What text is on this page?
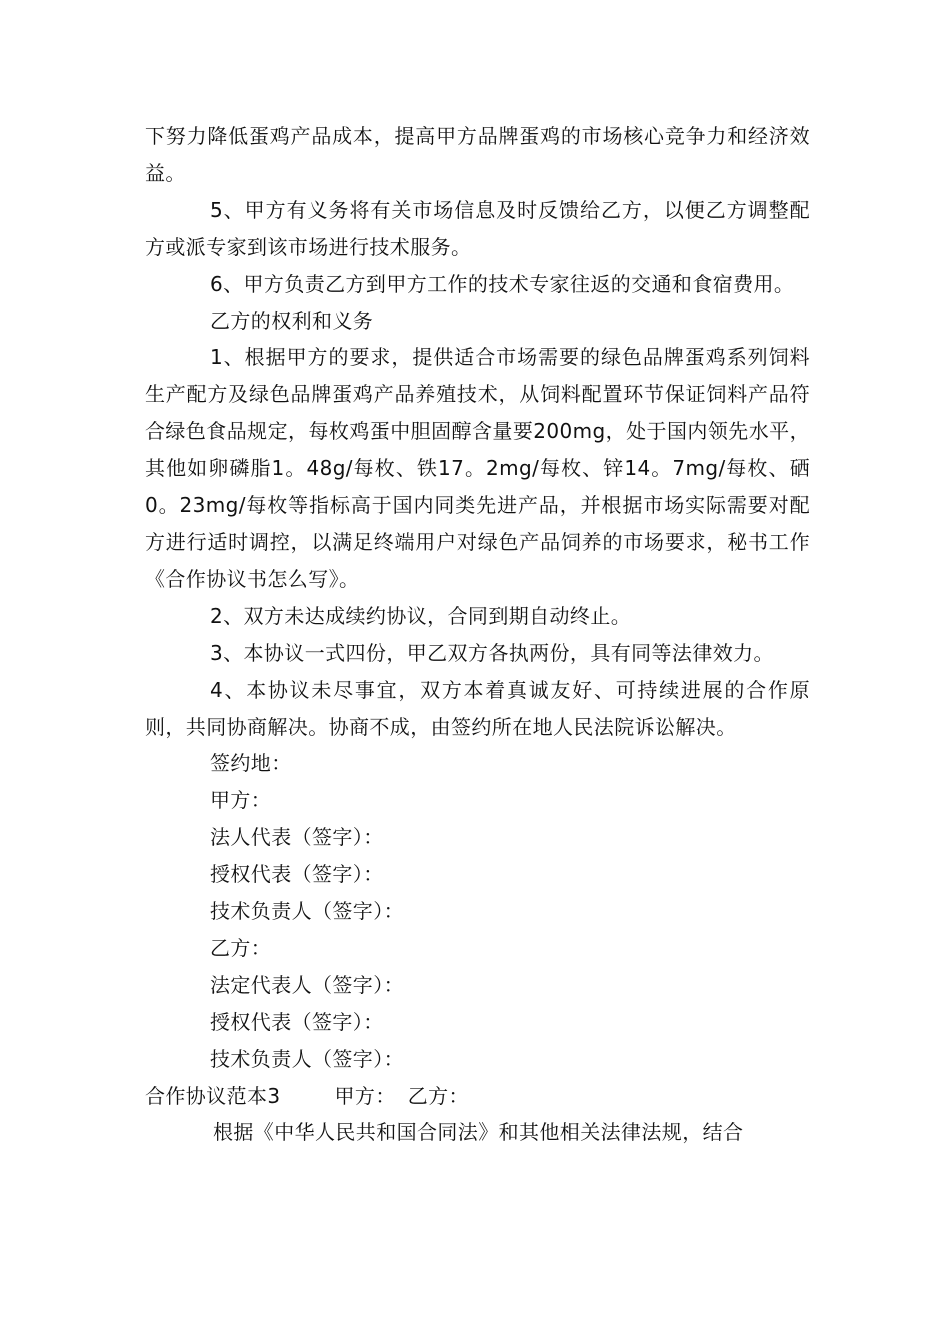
下努力降低蛋鸡产品成本，提高甲方品牌蛋鸡的市场核心竞争力和经济效益。

5、甲方有义务将有关市场信息及时反馈给乙方，以便乙方调整配方或派专家到该市场进行技术服务。

6、甲方负责乙方到甲方工作的技术专家往返的交通和食宿费用。

乙方的权利和义务

1、根据甲方的要求，提供适合市场需要的绿色品牌蛋鸡系列饲料生产配方及绿色品牌蛋鸡产品养殖技术，从饲料配置环节保证饲料产品符合绿色食品规定，每枚鸡蛋中胆固醇含量要200mg，处于国内领先水平，其他如卵磷脂1。48g/每枚、铁17。2mg/每枚、锌14。7mg/每枚、硒0。23mg/每枚等指标高于国内同类先进产品，并根据市场实际需要对配方进行适时调控，以满足终端用户对绿色产品饲养的市场要求，秘书工作《合作协议书怎么写》。

2、双方未达成续约协议，合同到期自动终止。

3、本协议一式四份，甲乙双方各执两份，具有同等法律效力。

4、本协议未尽事宜，双方本着真诚友好、可持续进展的合作原则，共同协商解决。协商不成，由签约所在地人民法院诉讼解决。

签约地：
甲方：
法人代表（签字）：
授权代表（签字）：
技术负责人（签字）：
乙方：
法定代表人（签字）：
授权代表（签字）：
技术负责人（签字）：
合作协议范本3	甲方： 乙方：

根据《中华人民共和国合同法》和其他相关法律法规，结合
